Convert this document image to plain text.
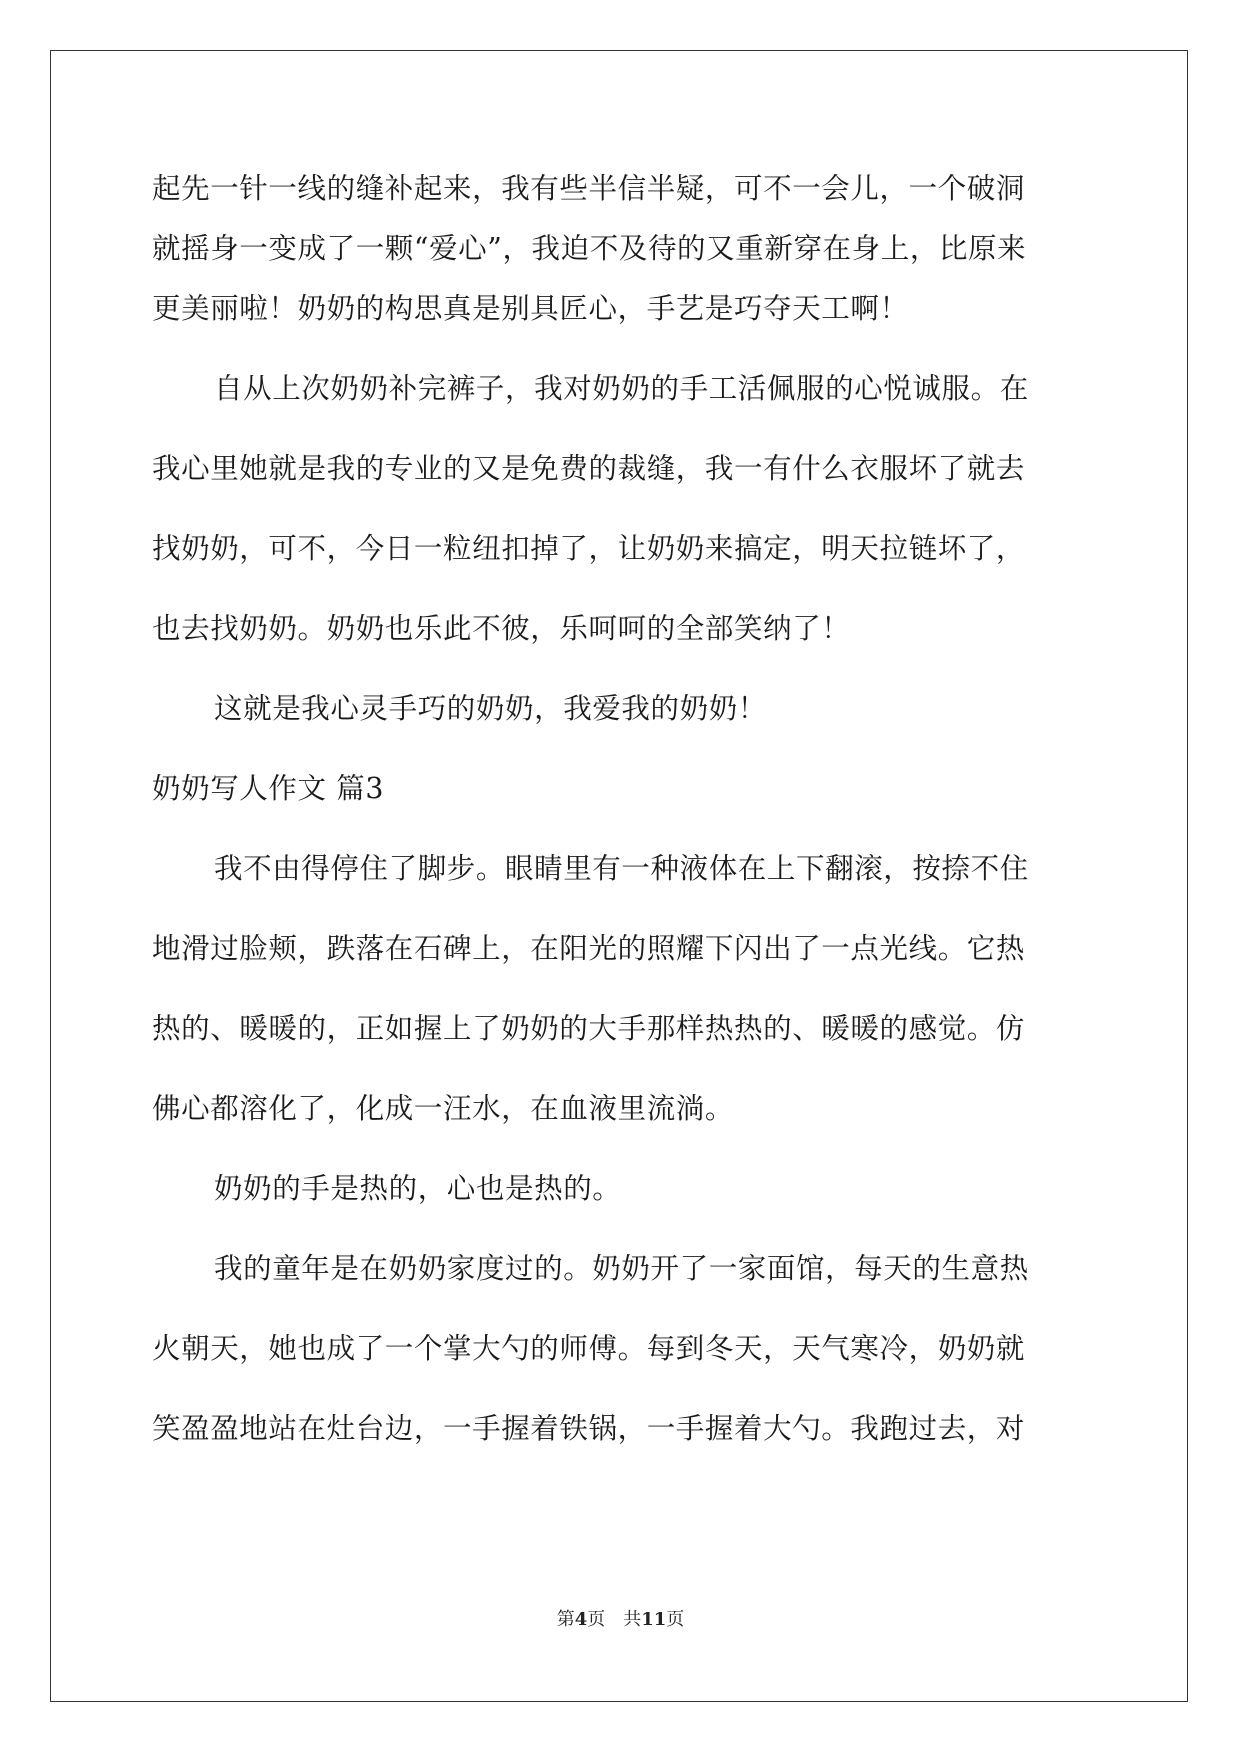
起先一针一线的缝补起来，我有些半信半疑，可不一会儿，一个破洞
就摇身一变成了一颗“爱心”，我迫不及待的又重新穿在身上，比原来
更美丽啦！奶奶的构思真是别具匠心，手艺是巧夺天工啊！
自从上次奶奶补完裤子，我对奶奶的手工活佩服的心悦诚服。在
我心里她就是我的专业的又是免费的裁缝，我一有什么衣服坏了就去
找奶奶，可不，今日一粒纽扣掉了，让奶奶来搞定，明天拉链坏了，
也去找奶奶。奶奶也乐此不彼，乐呵呵的全部笑纳了！
这就是我心灵手巧的奶奶，我爱我的奶奶！
奶奶写人作文 篇3
我不由得停住了脚步。眼睛里有一种液体在上下翻滚，按捺不住
地滑过脸颊，跌落在石碑上，在阳光的照耀下闪出了一点光线。它热
热的、暖暖的，正如握上了奶奶的大手那样热热的、暖暖的感觉。仿
佛心都溶化了，化成一汪水，在血液里流淌。
奶奶的手是热的，心也是热的。
我的童年是在奶奶家度过的。奶奶开了一家面馆，每天的生意热
火朝天，她也成了一个掌大勺的师傅。每到冬天，天气寒冷，奶奶就
笑盈盈地站在灶台边，一手握着铁锅，一手握着大勺。我跑过去，对
第4页　共11页
